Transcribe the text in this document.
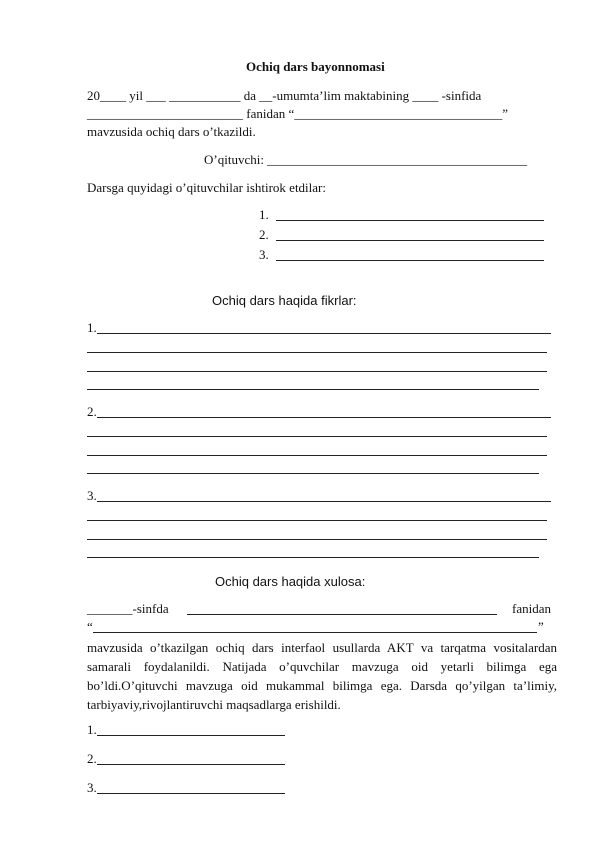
Ochiq dars bayonnomasi
20____ yil ___ ___________ da __-umumta’lim maktabining ____ -sinfida
________________________ fanidan “________________________________”
mavzusida ochiq dars o’tkazildi.
O’qituvchi: ________________________________________
Darsga quyidagi o’qituvchilar ishtirok etdilar:
1.
2.
3.
Ochiq dars haqida fikrlar:
1.
2.
3.
Ochiq dars haqida xulosa:
_______-sinfda	fanidan
“	”
mavzusida o’tkazilgan ochiq dars interfaol usullarda AKT va tarqatma vositalardan samarali foydalanildi. Natijada o’quvchilar mavzuga oid yetarli bilimga ega bo’ldi.O’qituvchi mavzuga oid mukammal bilimga ega. Darsda qo’yilgan ta’limiy, tarbiyaviy,rivojlantiruvchi maqsadlarga erishildi.
1.
2.
3.
